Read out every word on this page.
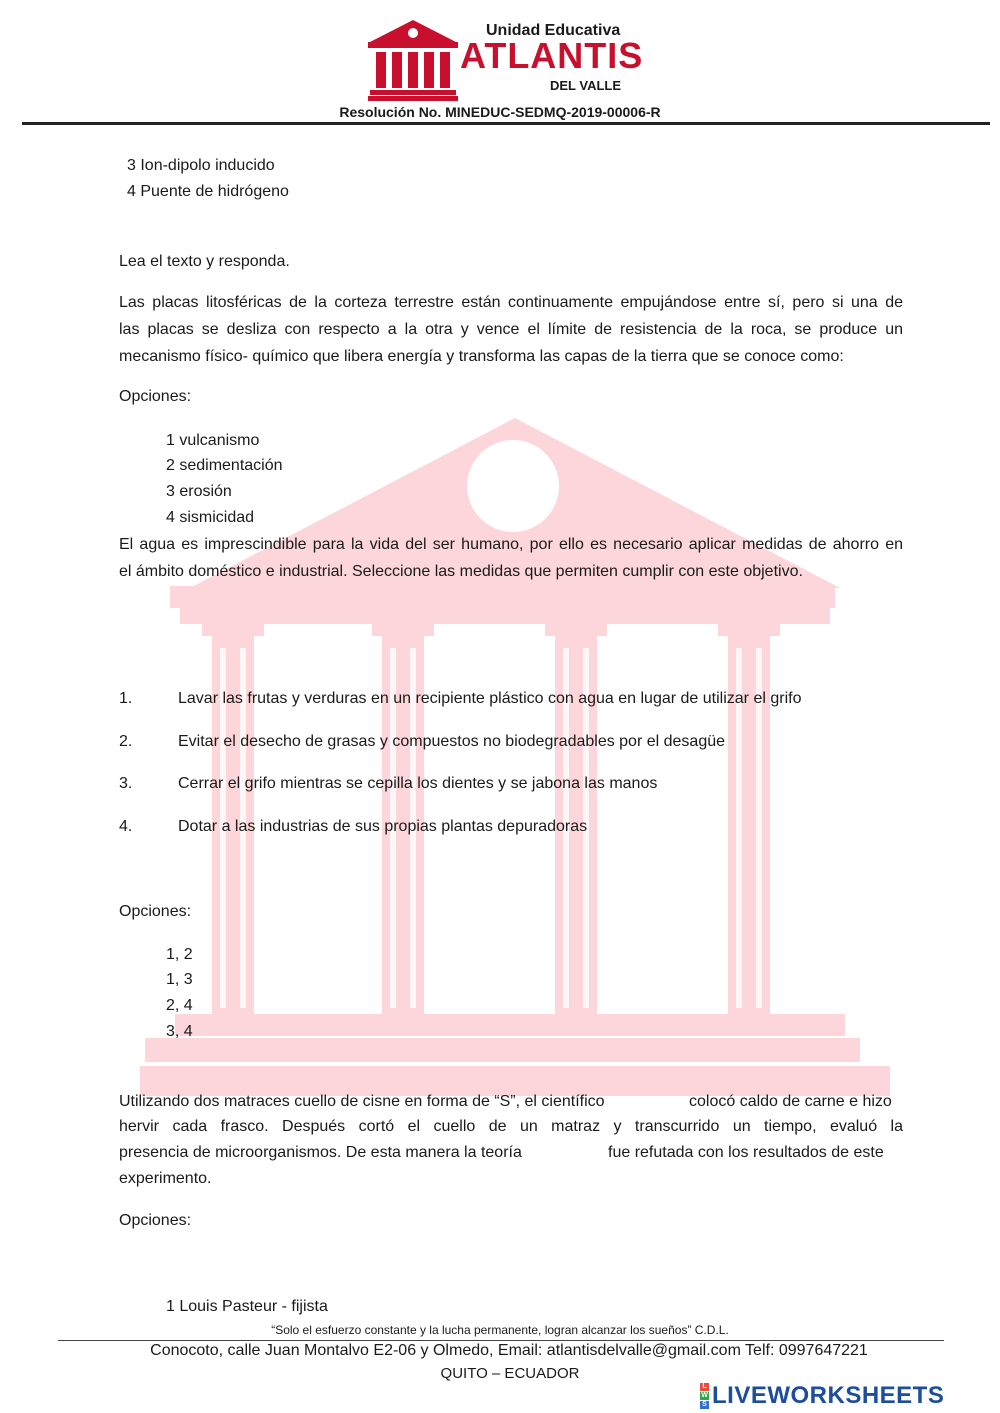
Unidad Educativa
ATLANTIS
DEL VALLE
Resolución No. MINEDUC-SEDMQ-2019-00006-R
3 Ion-dipolo inducido
4 Puente de hidrógeno
Lea el texto y responda.
Las placas litosféricas de la corteza terrestre están continuamente empujándose entre sí, pero si una de
las placas se desliza con respecto a la otra y vence el límite de resistencia de la roca, se produce un
mecanismo físico- químico que libera energía y transforma las capas de la tierra que se conoce como:
Opciones:
1 vulcanismo
2 sedimentación
3 erosión
4 sismicidad
El agua es imprescindible para la vida del ser humano, por ello es necesario aplicar medidas de ahorro en
el ámbito doméstico e industrial. Seleccione las medidas que permiten cumplir con este objetivo.
1.	Lavar las frutas y verduras en un recipiente plástico con agua en lugar de utilizar el grifo
2.	Evitar el desecho de grasas y compuestos no biodegradables por el desagüe
3.	Cerrar el grifo mientras se cepilla los dientes y se jabona las manos
4.	Dotar a las industrias de sus propias plantas depuradoras
Opciones:
1, 2
1, 3
2, 4
3, 4
Utilizando dos matraces cuello de cisne en forma de “S”, el científico	colocó caldo de carne e hizo
hervir cada frasco. Después cortó el cuello de un matraz y transcurrido un tiempo, evaluó la
presencia de microorganismos. De esta manera la teoría	fue refutada con los resultados de este
experimento.
Opciones:
1 Louis Pasteur - fijista
“Solo el esfuerzo constante y la lucha permanente, logran alcanzar los sueños” C.D.L.
Conocoto, calle Juan Montalvo E2-06 y Olmedo, Email: atlantisdelvalle@gmail.com Telf: 0997647221
QUITO – ECUADOR
L
W
S LIVEWORKSHEETS
